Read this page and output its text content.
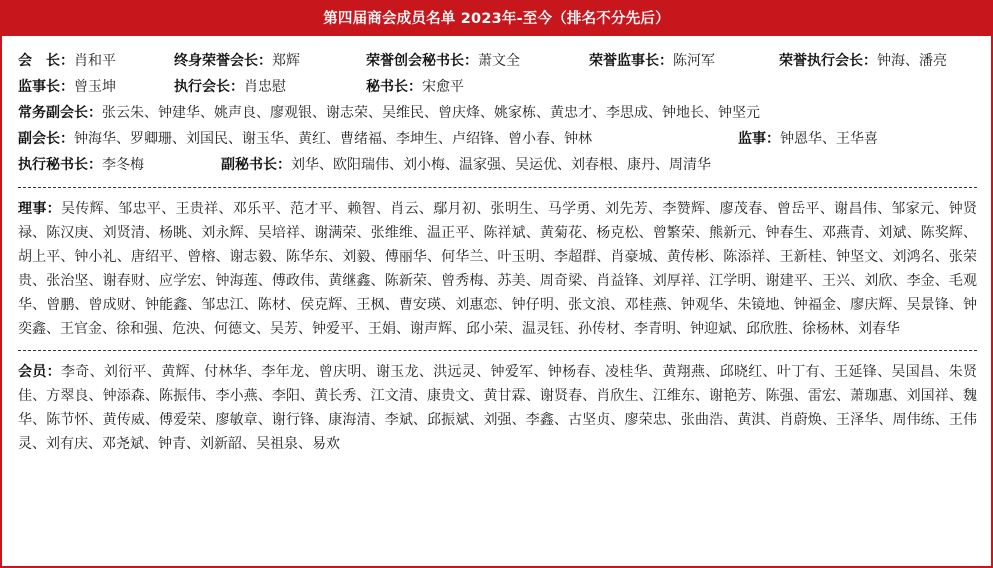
第四届商会成员名单 2023年-至今（排名不分先后）
会　长：肖和平	终身荣誉会长：郑辉	荣誉创会秘书长：萧文全	荣誉监事长：陈河军	荣誉执行会长：钟海、潘亮
监事长：曾玉坤	执行会长：肖忠慰	秘书长：宋愈平
常务副会长：张云朱、钟建华、姚声良、廖观银、谢志荣、吴维民、曾庆烽、姚家栋、黄忠才、李思成、钟地长、钟坚元
副会长：钟海华、罗卿珊、刘国民、谢玉华、黄红、曹绪福、李坤生、卢绍锋、曾小春、钟林	监事：钟恩华、王华喜
执行秘书长：李冬梅	副秘书长：刘华、欧阳瑞伟、刘小梅、温家强、吴运优、刘春根、康丹、周清华
理事：吴传辉、邹忠平、王贵祥、邓乐平、范才平、赖智、肖云、鄢月初、张明生、马学勇、刘先芳、李赞辉、廖茂春、曾岳平、谢昌伟、邹家元、钟贤禄、陈汉庚、刘贤清、杨眺、刘永辉、吴培祥、谢满荣、张维维、温正平、陈祥斌、黄菊花、杨克松、曾繁荣、熊新元、钟春生、邓燕青、刘斌、陈奖辉、胡上平、钟小礼、唐绍平、曾榕、谢志毅、陈华东、刘毅、傅丽华、何华兰、叶玉明、李超群、肖豪城、黄传彬、陈添祥、王新桂、钟坚文、刘鸿名、张荣贵、张治坚、谢春财、应学宏、钟海莲、傅政伟、黄继鑫、陈新荣、曾秀梅、苏美、周奇梁、肖益锋、刘厚祥、江学明、谢建平、王兴、刘欣、李金、毛观华、曾鹏、曾成财、钟能鑫、邹忠江、陈材、侯克辉、王枫、曹安瑛、刘惠恋、钟仔明、张文浪、邓桂燕、钟观华、朱镜地、钟福金、廖庆辉、吴景锋、钟奕鑫、王官金、徐和强、危泱、何德文、吴芳、钟爱平、王娟、谢声辉、邱小荣、温灵钰、孙传材、李青明、钟迎斌、邱欣胜、徐杨林、刘春华
会员：李奇、刘衍平、黄辉、付林华、李年龙、曾庆明、谢玉龙、洪远灵、钟爱军、钟杨春、凌桂华、黄翔燕、邱晓红、叶丁有、王延锋、吴国昌、朱贤佳、方翠良、钟添森、陈振伟、李小燕、李阳、黄长秀、江文清、康贵文、黄甘霖、谢贤春、肖欣生、江维东、谢艳芳、陈强、雷宏、萧珈惠、刘国祥、魏华、陈节怀、黄传威、傅爱荣、廖敏章、谢行锋、康海清、李斌、邱振斌、刘强、李鑫、古坚贞、廖荣忠、张曲浩、黄淇、肖蔚焕、王泽华、周伟练、王伟灵、刘有庆、邓尧斌、钟青、刘新韶、吴祖泉、易欢
